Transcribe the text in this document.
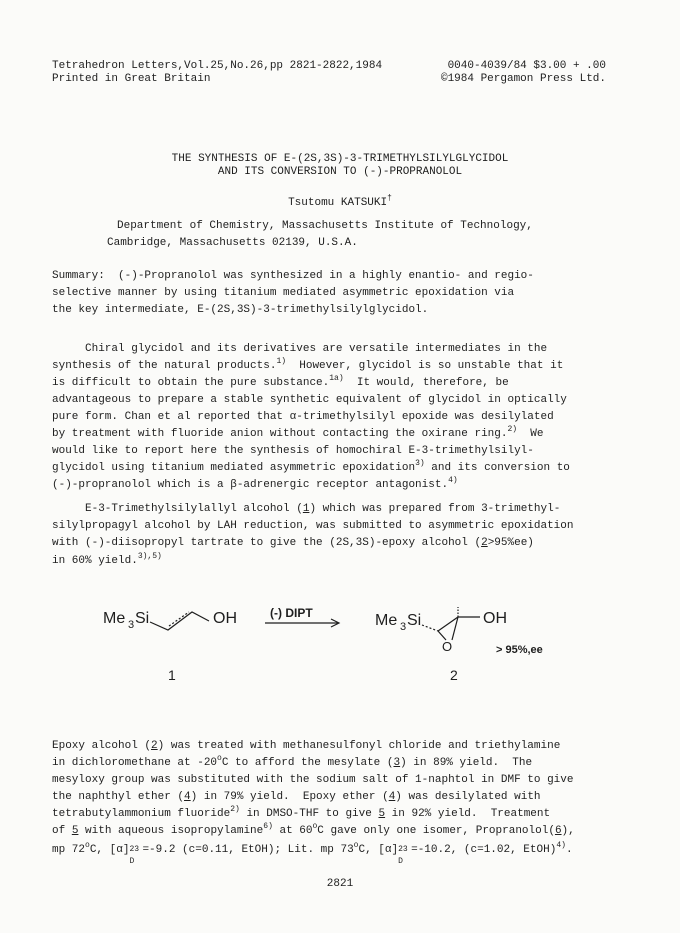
Tetrahedron Letters,Vol.25,No.26,pp 2821-2822,1984
Printed in Great Britain
0040-4039/84 $3.00 + .00
©1984 Pergamon Press Ltd.
THE SYNTHESIS OF E-(2S,3S)-3-TRIMETHYLSILYLGLYCIDOL
AND ITS CONVERSION TO (-)-PROPRANOLOL
Tsutomu KATSUKI†
Department of Chemistry, Massachusetts Institute of Technology,
Cambridge, Massachusetts 02139, U.S.A.
Summary:  (-)-Propranolol was synthesized in a highly enantio- and regio-
selective manner by using titanium mediated asymmetric epoxidation via
the key intermediate, E-(2S,3S)-3-trimethylsilylglycidol.
Chiral glycidol and its derivatives are versatile intermediates in the
synthesis of the natural products.$^{1)}$  However, glycidol is so unstable that it
is difficult to obtain the pure substance.$^{1a)}$  It would, therefore, be
advantageous to prepare a stable synthetic equivalent of glycidol in optically
pure form. Chan et al reported that α-trimethylsilyl epoxide was desilylated
by treatment with fluoride anion without contacting the oxirane ring.$^{2)}$  We
would like to report here the synthesis of homochiral E-3-trimethylsilyl-
glycidol using titanium mediated asymmetric epoxidation$^{3)}$ and its conversion to
(-)-propranolol which is a β-adrenergic receptor antagonist.$^{4)}$
E-3-Trimethylsilylallyl alcohol (1) which was prepared from 3-trimethyl-
silylpropagyl alcohol by LAH reduction, was submitted to asymmetric epoxidation
with (-)-diisopropyl tartrate to give the (2S,3S)-epoxy alcohol (2>95%ee)
in 60% yield.$^{3),5)}$
Me 3 Si	OH	(-) DIPT	Me 3 Si	OH
O	> 95%,ee
1	2
Epoxy alcohol (2) was treated with methanesulfonyl chloride and triethylamine
in dichloromethane at -20$^o$C to afford the mesylate (3) in 89% yield.  The
mesyloxy group was substituted with the sodium salt of 1-naphtol in DMF to give
the naphthyl ether (4) in 79% yield.  Epoxy ether (4) was desilylated with
tetrabutylammonium fluoride$^{2)}$ in DMSO-THF to give 5 in 92% yield.  Treatment
of 5 with aqueous isopropylamine$^{6)}$ at 60$^o$C gave only one isomer, Propranolol(6),
mp 72$^o$C, [α] 23
D
=-9.2 (c=0.11, EtOH); Lit. mp 73$^o$C, [α] 23
D
=-10.2, (c=1.02, EtOH)$^{4)}$.
2821
